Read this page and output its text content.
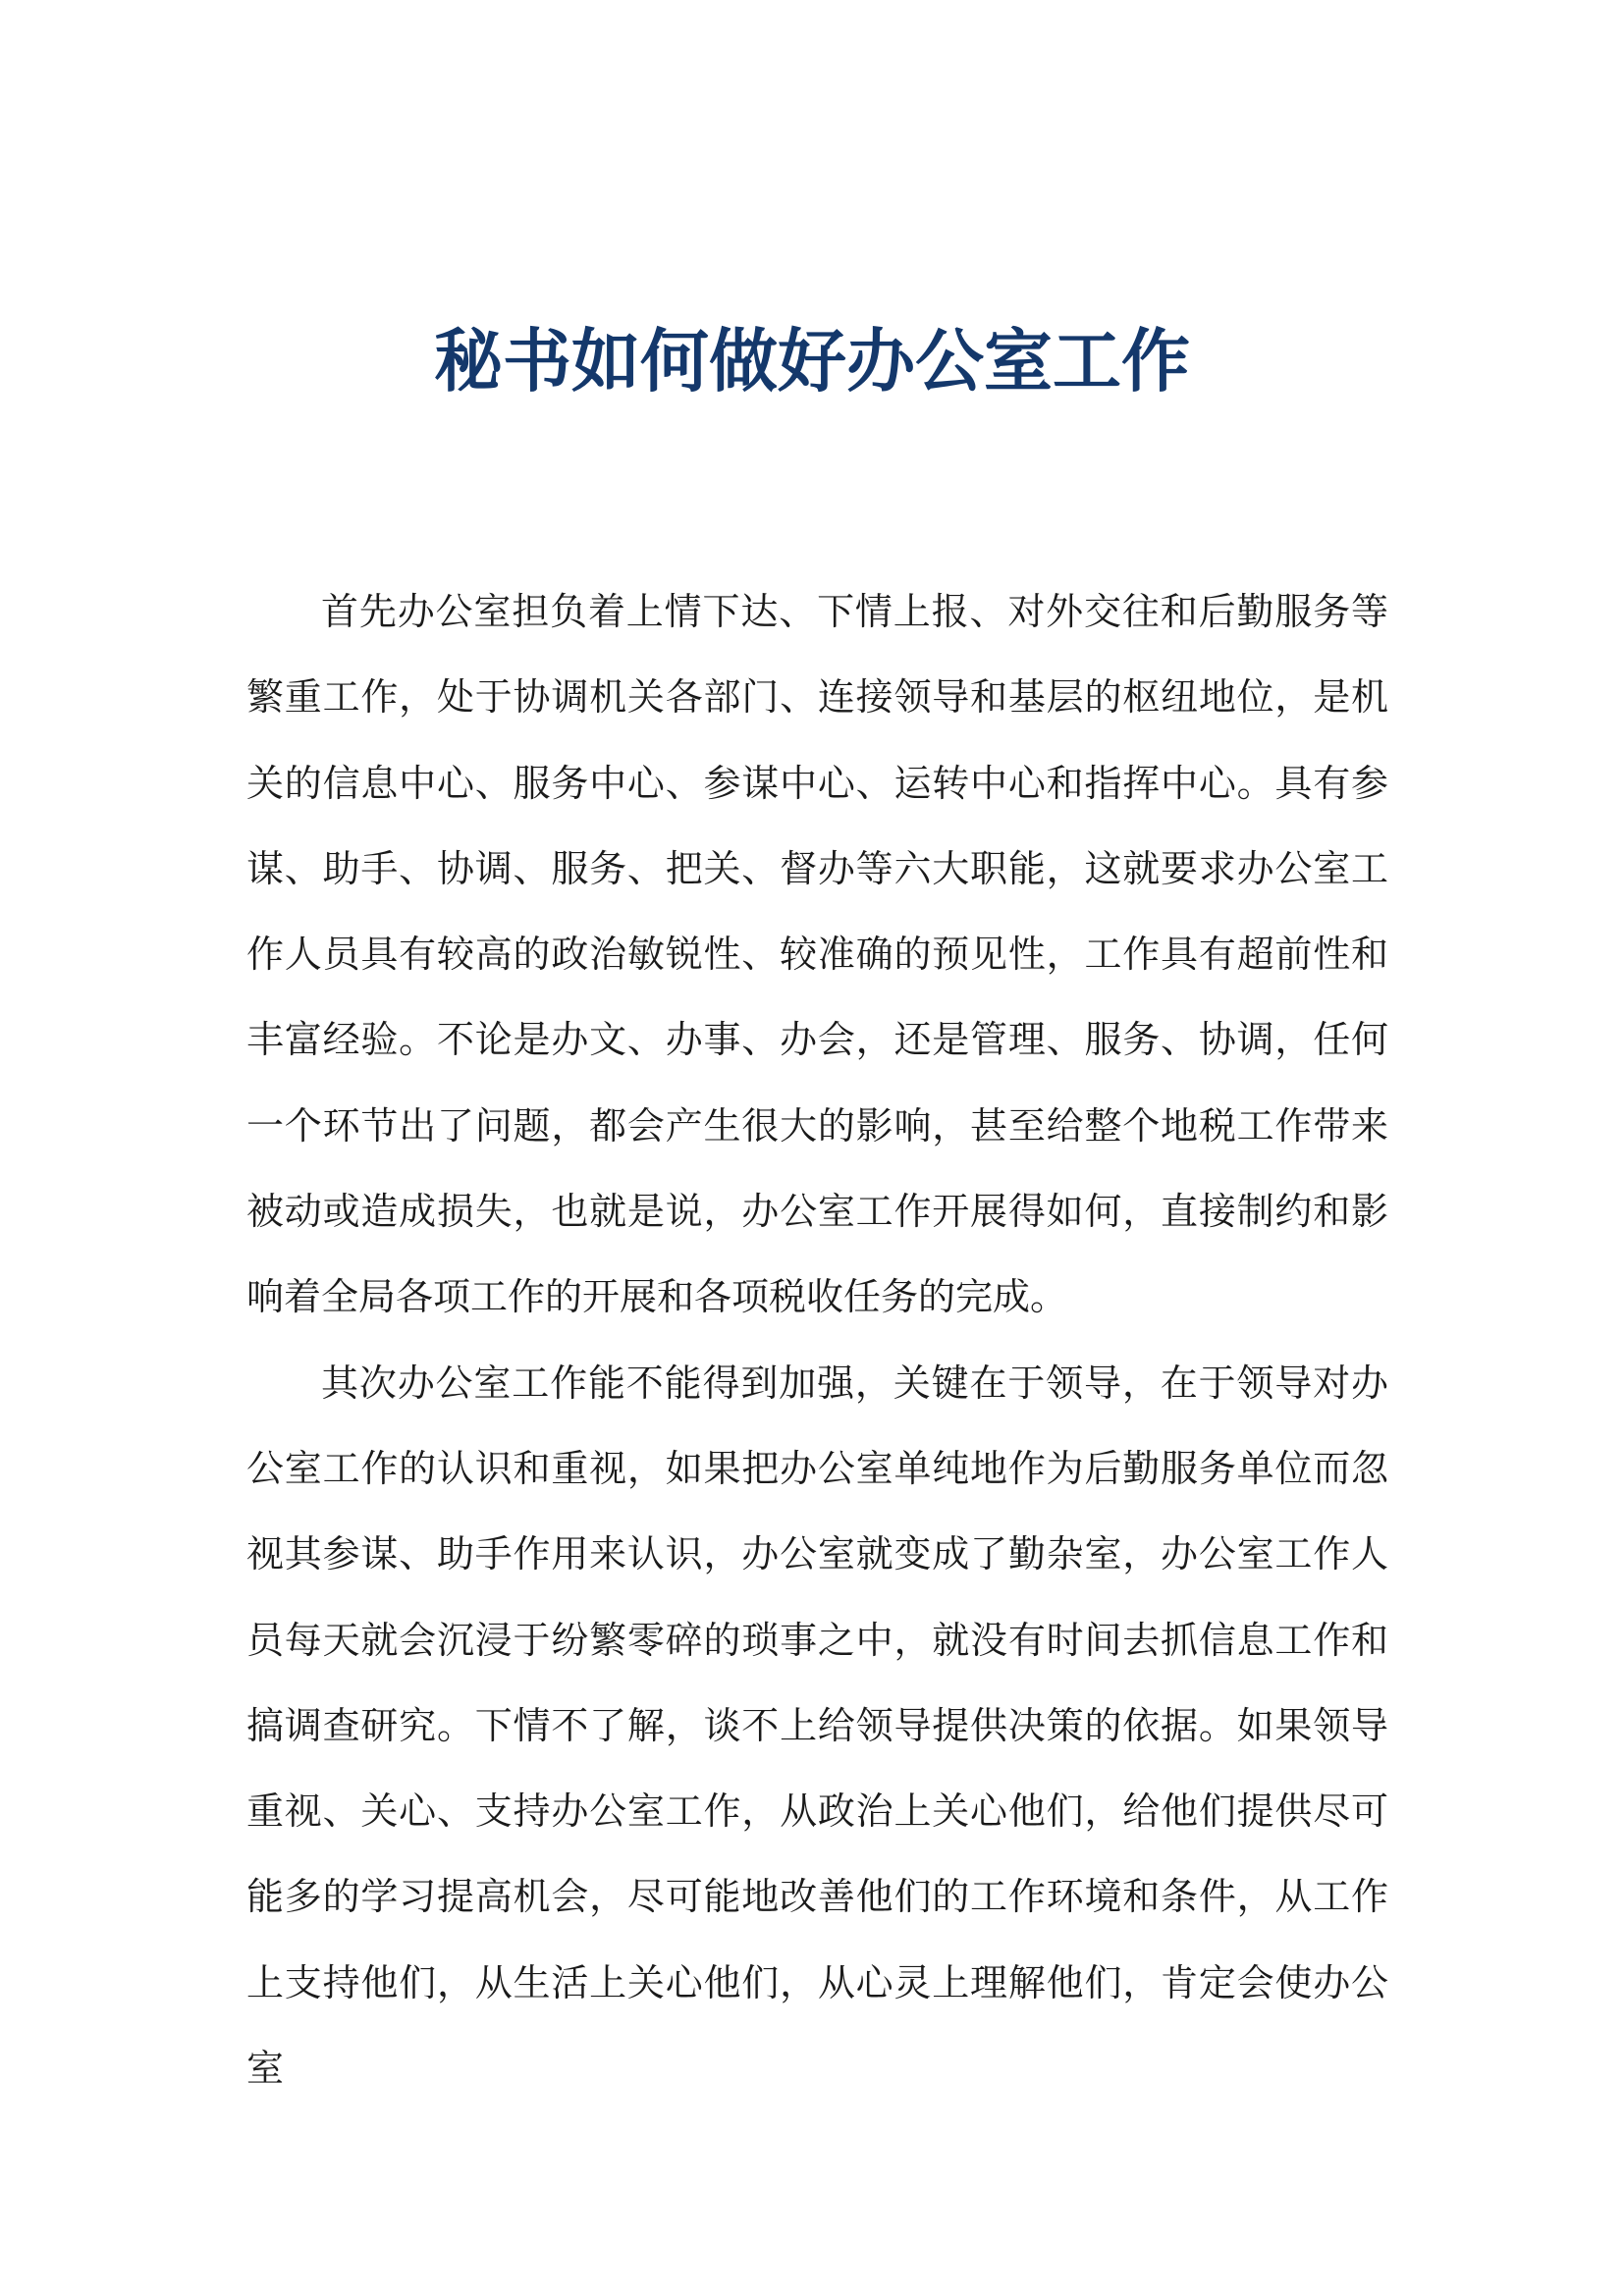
秘书如何做好办公室工作

首先办公室担负着上情下达、下情上报、对外交往和后勤服务等繁重工作，处于协调机关各部门、连接领导和基层的枢纽地位，是机关的信息中心、服务中心、参谋中心、运转中心和指挥中心。具有参谋、助手、协调、服务、把关、督办等六大职能，这就要求办公室工作人员具有较高的政治敏锐性、较准确的预见性，工作具有超前性和丰富经验。不论是办文、办事、办会，还是管理、服务、协调，任何一个环节出了问题，都会产生很大的影响，甚至给整个地税工作带来被动或造成损失，也就是说，办公室工作开展得如何，直接制约和影响着全局各项工作的开展和各项税收任务的完成。

其次办公室工作能不能得到加强，关键在于领导，在于领导对办公室工作的认识和重视，如果把办公室单纯地作为后勤服务单位而忽视其参谋、助手作用来认识，办公室就变成了勤杂室，办公室工作人员每天就会沉浸于纷繁零碎的琐事之中，就没有时间去抓信息工作和搞调查研究。下情不了解，谈不上给领导提供决策的依据。如果领导重视、关心、支持办公室工作，从政治上关心他们，给他们提供尽可能多的学习提高机会，尽可能地改善他们的工作环境和条件，从工作上支持他们，从生活上关心他们，从心灵上理解他们，肯定会使办公室
